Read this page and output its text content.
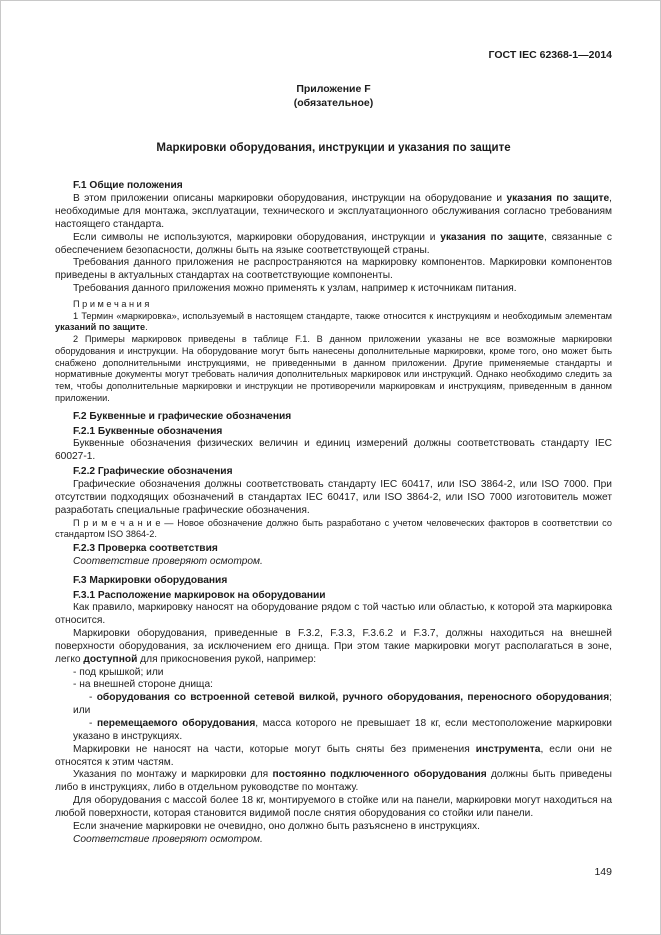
ГОСТ IEC 62368-1—2014

Приложение F

(обязательное)

Маркировки оборудования, инструкции и указания по защите

F.1 Общие положения

В этом приложении описаны маркировки оборудования, инструкции на оборудование и указания по защите, необходимые для монтажа, эксплуатации, технического и эксплуатационного обслуживания согласно требованиям настоящего стандарта.

Если символы не используются, маркировки оборудования, инструкции и указания по защите, связанные с обеспечением безопасности, должны быть на языке соответствующей страны.

Требования данного приложения не распространяются на маркировку компонентов. Маркировки компонентов приведены в актуальных стандартах на соответствующие компоненты.

Требования данного приложения можно применять к узлам, например к источникам питания.

П р и м е ч а н и я

1 Термин «маркировка», используемый в настоящем стандарте, также относится к инструкциям и необходимым элементам указаний по защите.

2 Примеры маркировок приведены в таблице F.1. В данном приложении указаны не все возможные маркировки оборудования и инструкции. На оборудование могут быть нанесены дополнительные маркировки, кроме того, оно может быть снабжено дополнительными инструкциями, не приведенными в данном приложении. Другие применяемые стандарты и нормативные документы могут требовать наличия дополнительных маркировок или инструкций. Однако необходимо следить за тем, чтобы дополнительные маркировки и инструкции не противоречили маркировкам и инструкциям, приведенным в данном приложении.

F.2 Буквенные и графические обозначения

F.2.1 Буквенные обозначения

Буквенные обозначения физических величин и единиц измерений должны соответствовать стандарту IEC 60027-1.

F.2.2 Графические обозначения

Графические обозначения должны соответствовать стандарту IEC 60417, или ISO 3864-2, или ISO 7000. При отсутствии подходящих обозначений в стандартах IEC 60417, или ISO 3864-2, или ISO 7000 изготовитель может разработать специальные графические обозначения.

П р и м е ч а н и е — Новое обозначение должно быть разработано с учетом человеческих факторов в соответствии со стандартом ISO 3864-2.

F.2.3 Проверка соответствия

Соответствие проверяют осмотром.

F.3 Маркировки оборудования

F.3.1 Расположение маркировок на оборудовании

Как правило, маркировку наносят на оборудование рядом с той частью или областью, к которой эта маркировка относится.

Маркировки оборудования, приведенные в F.3.2, F.3.3, F.3.6.2 и F.3.7, должны находиться на внешней поверхности оборудования, за исключением его днища. При этом такие маркировки могут располагаться в зоне, легко доступной для прикосновения рукой, например:

- под крышкой; или

- на внешней стороне днища:

- оборудования со встроенной сетевой вилкой, ручного оборудования, переносного оборудования; или

- перемещаемого оборудования, масса которого не превышает 18 кг, если местоположение маркировки указано в инструкциях.

Маркировки не наносят на части, которые могут быть сняты без применения инструмента, если они не относятся к этим частям.

Указания по монтажу и маркировки для постоянно подключенного оборудования должны быть приведены либо в инструкциях, либо в отдельном руководстве по монтажу.

Для оборудования с массой более 18 кг, монтируемого в стойке или на панели, маркировки могут находиться на любой поверхности, которая становится видимой после снятия оборудования со стойки или панели.

Если значение маркировки не очевидно, оно должно быть разъяснено в инструкциях.

Соответствие проверяют осмотром.

149
